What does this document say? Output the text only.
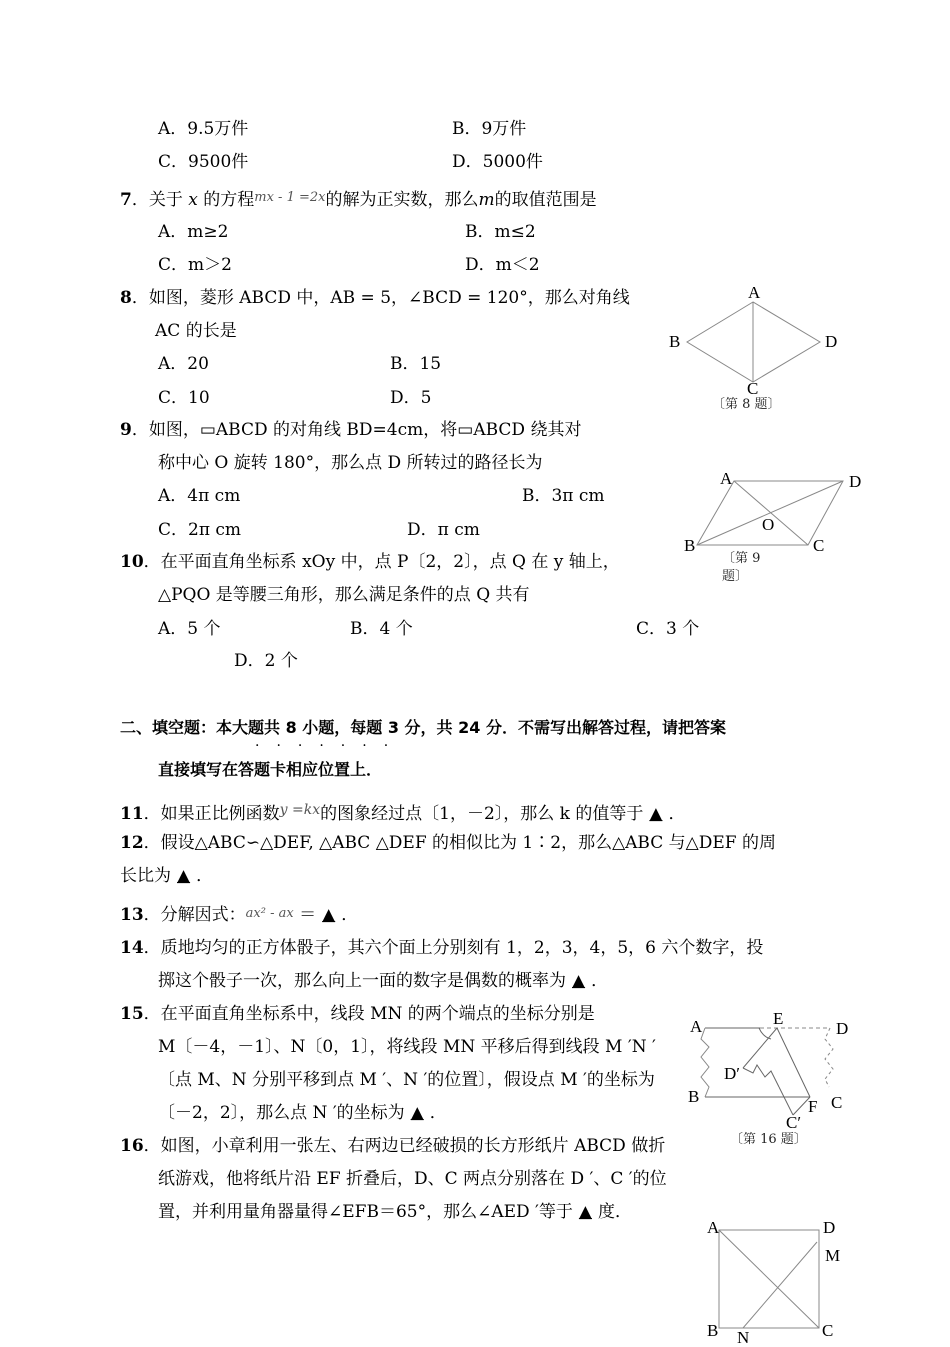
A．9.5万件	B．9万件
C．9500件	D．5000件
7．关于 x 的方程$^{mx - 1 =2x}$的解为正实数，那么m的取值范围是
A．m≥2	B．m≤2
C．m＞2	D．m＜2
8．如图，菱形 ABCD 中，AB = 5，∠BCD = 120°，那么对角线
AC 的长是
A．20	B．15
C．10	D．5
A
B	D
C
〔第 8 题〕
9．如图，▭ABCD 的对角线 BD=4cm，将▭ABCD 绕其对
称中心 O 旋转 180°，那么点 D 所转过的路径长为
A．4π cm	B．3π cm
C．2π cm	D．π cm
A	D
O
B	C
〔第 9
题〕
10．在平面直角坐标系 xOy 中，点 P〔2，2〕，点 Q 在 y 轴上，
△PQO 是等腰三角形，那么满足条件的点 Q 共有
A．5 个	B．4 个	C．3 个
D．2 个
二、填空题：本大题共 8 小题，每题 3 分，共 24 分．不需写出解答过程，请把答案
·······
直接填写在答题卡相应位置上．
11．如果正比例函数$^{y =kx}$的图象经过点〔1，－2〕，那么 k 的值等于 ▲ ．
12．假设△ABC∽△DEF, △ABC △DEF 的相似比为 1∶2，那么△ABC 与△DEF 的周
长比为 ▲ ．
13．分解因式：ax² - ax ＝ ▲ ．
14．质地均匀的正方体骰子，其六个面上分别刻有 1，2，3，4，5，6 六个数字，投
掷这个骰子一次，那么向上一面的数字是偶数的概率为 ▲ ．
15．在平面直角坐标系中，线段 MN 的两个端点的坐标分别是
M〔－4，－1〕、N〔0，1〕，将线段 MN 平移后得到线段 M ′N ′
〔点 M、N 分别平移到点 M ′、N ′的位置〕，假设点 M ′的坐标为
〔－2，2〕，那么点 N ′的坐标为 ▲ ．
A	E
D
D′
B
F C
C′
〔第 16 题〕
16．如图，小章利用一张左、右两边已经破损的长方形纸片 ABCD 做折
纸游戏，他将纸片沿 EF 折叠后，D、C 两点分别落在 D ′、C ′的位
置，并利用量角器量得∠EFB＝65°，那么∠AED ′等于 ▲ 度．
A	D
M
B N	C
